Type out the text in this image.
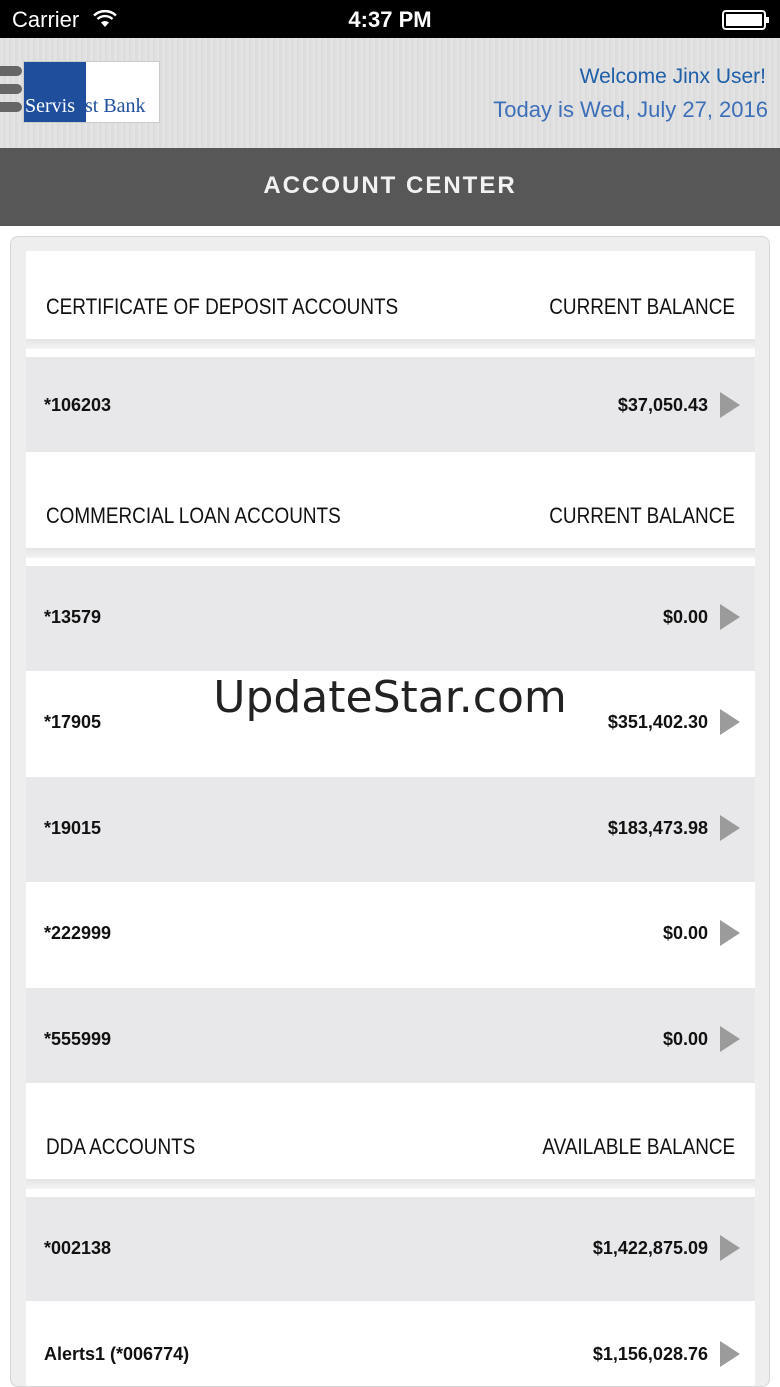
Carrier	4:37 PM
Servis1st Bank
Welcome Jinx User!
Today is Wed, July 27, 2016
ACCOUNT CENTER
CERTIFICATE OF DEPOSIT ACCOUNTS	CURRENT BALANCE
*106203	$37,050.43
COMMERCIAL LOAN ACCOUNTS	CURRENT BALANCE
*13579	$0.00
*17905	$351,402.30
*19015	$183,473.98
*222999	$0.00
*555999	$0.00
DDA ACCOUNTS	AVAILABLE BALANCE
*002138	$1,422,875.09
Alerts1 (*006774)	$1,156,028.76
UpdateStar.com
